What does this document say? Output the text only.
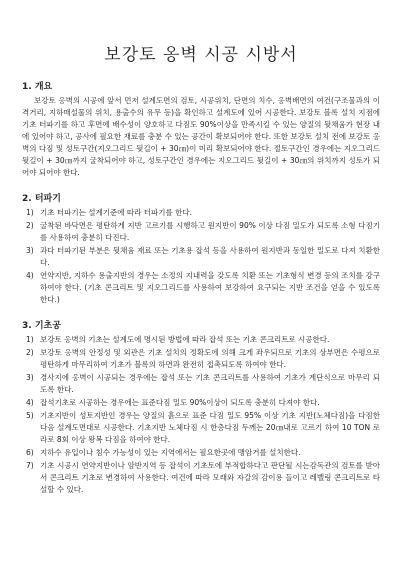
보강토 옹벽 시공 시방서
1. 개요

보강토 옹벽의 시공에 앞서 먼저 설계도면의 검토, 시공위치, 단면의 치수, 옹벽배면의 여건(구조물과의 이격거리, 지하매설물의 위치, 용출수의 유무 등)을 확인하고 설계도에 있어 시공한다. 보강토 블록 설치 지점에 기초 터파기를 하고 후면에 배수성이 양호하고 다짐도 90%이상을 만족시킬 수 있는 양질의 뒷채움가 현장 내에 있어야 하고, 공사에 필요한 재료를 충분 수 있는 공간이 확보되어야 한다. 또한 보강토 설치 전에 보강토 옹벽의 다짐 및 성토구간(지오그리드 뒷길이 + 30㎝)이 미리 확보되어야 한다. 절토구간인 경우에는 지오그리드 뒷길이 + 30㎝까지 굴착되어야 하고, 성토구간인 경우에는 지오그리드 뒷길이 + 30㎝의 위치까지 성토가 되어야 되어야 한다.

2. 터파기
1) 기초 터파기는 설계기준에 따라 터파기를 한다.
2) 굴착된 바닥면은 평탄하게 지반 고르기를 시행하고 원지반이 90% 이상 다짐 밀도가 되도록 소형 다짐기를 사용하여 충분히 다진다.
3) 과다 터파기된 부분은 뒷채움 재료 또는 기초용 잡석 등을 사용하여 원지반과 동일한 밀도로 다져 치환한다.
4) 연약지반, 지하수 용출지반의 경우는 소정의 지내력을 갖도록 치환 또는 기초형식 변경 등의 조치를 강구하여야 한다. (기초 콘크리트 및 지오그리드를 사용하여 보강하여 요구되는 지반 조건을 얻을 수 있도록 한다.)
3. 기초공
1) 보강토 옹벽의 기초는 설계도에 명시된 방법에 따라 잡석 또는 기초 콘크리트로 시공한다.
2) 보강토 옹벽의 안정성 및 외관은 기초 설치의 정확도에 의해 크게 좌우되므로 기초의 상부면은 수평으로 평탄하게 마무리하여 기초가 블록의 하면과 완전히 접촉되도록 하여야 한다.
3) 경사지에 옹벽이 시공되는 경우에는 잡석 또는 기초 콘크리트를 사용하여 기초가 계단식으로 마무리 되도록 한다.
4) 잡석기초로 시공하는 경우에는 표준다짐 밀도 90%이상이 되도록 충분히 다져야 한다.
5) 기초지반이 성토지반인 경우는 양질의 흙으로 표준 다짐 밀도 95% 이상 기초 지반(노체다짐)을 다짐한 다음 설계도면대로 시공한다. 기초지반 노체다짐 시 한층다짐 두께는 20㎝내로 고르기 하여 10 TON 로라로 8회 이상 왕복 다짐을 하여야 한다.
6) 지하수 유입이나 침수 가능성이 있는 지역에서는 필요한곳에 맹암거를 설치한다.
7) 기초 시공시 연약지반이나 암반지역 등 잡석이 기초토에 부적합하다고 판단될 시는감독관의 검토를 받아서 콘크리트 기초로 변경하여 사용한다. 여건에 따라 모래와 자갈의 감이용 들이고 레벨링 콘크리트로 타설할 수 있다.
